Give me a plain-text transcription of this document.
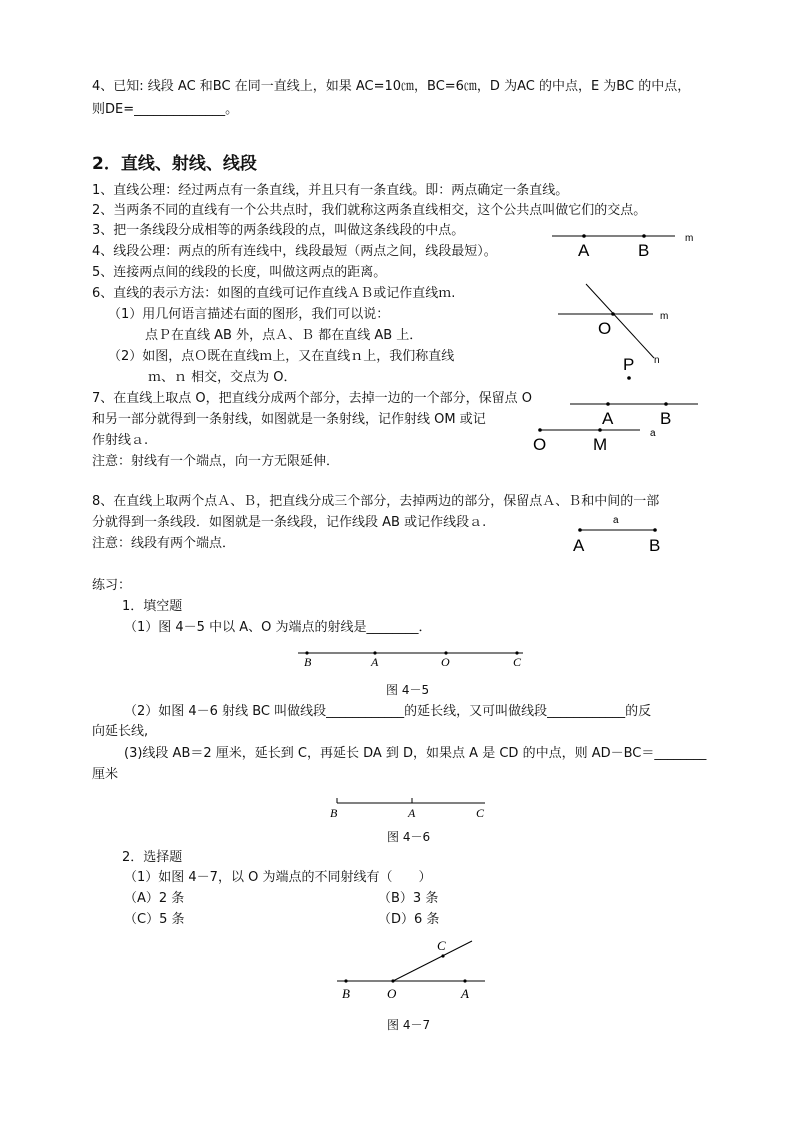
4、已知: 线段 AC 和BC 在同一直线上，如果 AC=10㎝，BC=6㎝，D 为AC 的中点，E 为BC 的中点，
则DE=______________。
2．直线、射线、线段
1、直线公理：经过两点有一条直线，并且只有一条直线。即：两点确定一条直线。
2、当两条不同的直线有一个公共点时，我们就称这两条直线相交，这个公共点叫做它们的交点。
3、把一条线段分成相等的两条线段的点，叫做这条线段的中点。
4、线段公理：两点的所有连线中，线段最短（两点之间，线段最短）。
5、连接两点间的线段的长度，叫做这两点的距离。
6、直线的表示方法：如图的直线可记作直线ＡＢ或记作直线ｍ.
（1）用几何语言描述右面的图形，我们可以说：
点Ｐ在直线 AB 外，点Ａ、Ｂ 都在直线 AB 上．
（2）如图，点Ｏ既在直线ｍ上，又在直线ｎ上，我们称直线
ｍ、ｎ 相交，交点为 O．
7、在直线上取点 O，把直线分成两个部分，去掉一边的一个部分，保留点 O
和另一部分就得到一条射线，如图就是一条射线，记作射线 OM 或记
作射线ａ.
注意：射线有一个端点，向一方无限延伸．
8、在直线上取两个点Ａ、Ｂ，把直线分成三个部分，去掉两边的部分，保留点Ａ、Ｂ和中间的一部
分就得到一条线段．如图就是一条线段，记作线段 AB 或记作线段ａ.
注意：线段有两个端点．
A	B
m
O
P
m
n
A	B
O	M
a
a
A	B
练习：
1．填空题
（1）图 4－5 中以 A、O 为端点的射线是________．
B	A	O	C
图 4－5
（2）如图 4－6 射线 BC 叫做线段____________的延长线，又可叫做线段____________的反
向延长线,
(3)线段 AB＝2 厘米，延长到 C，再延长 DA 到 D，如果点 A 是 CD 的中点，则 AD－BC＝________
厘米
B	A	C
图 4－6
2．选择题
（1）如图 4－7，以 O 为端点的不同射线有（　　）
（A）2 条	（B）3 条
（C）5 条	（D）6 条
B	O	A
C
图 4－7
